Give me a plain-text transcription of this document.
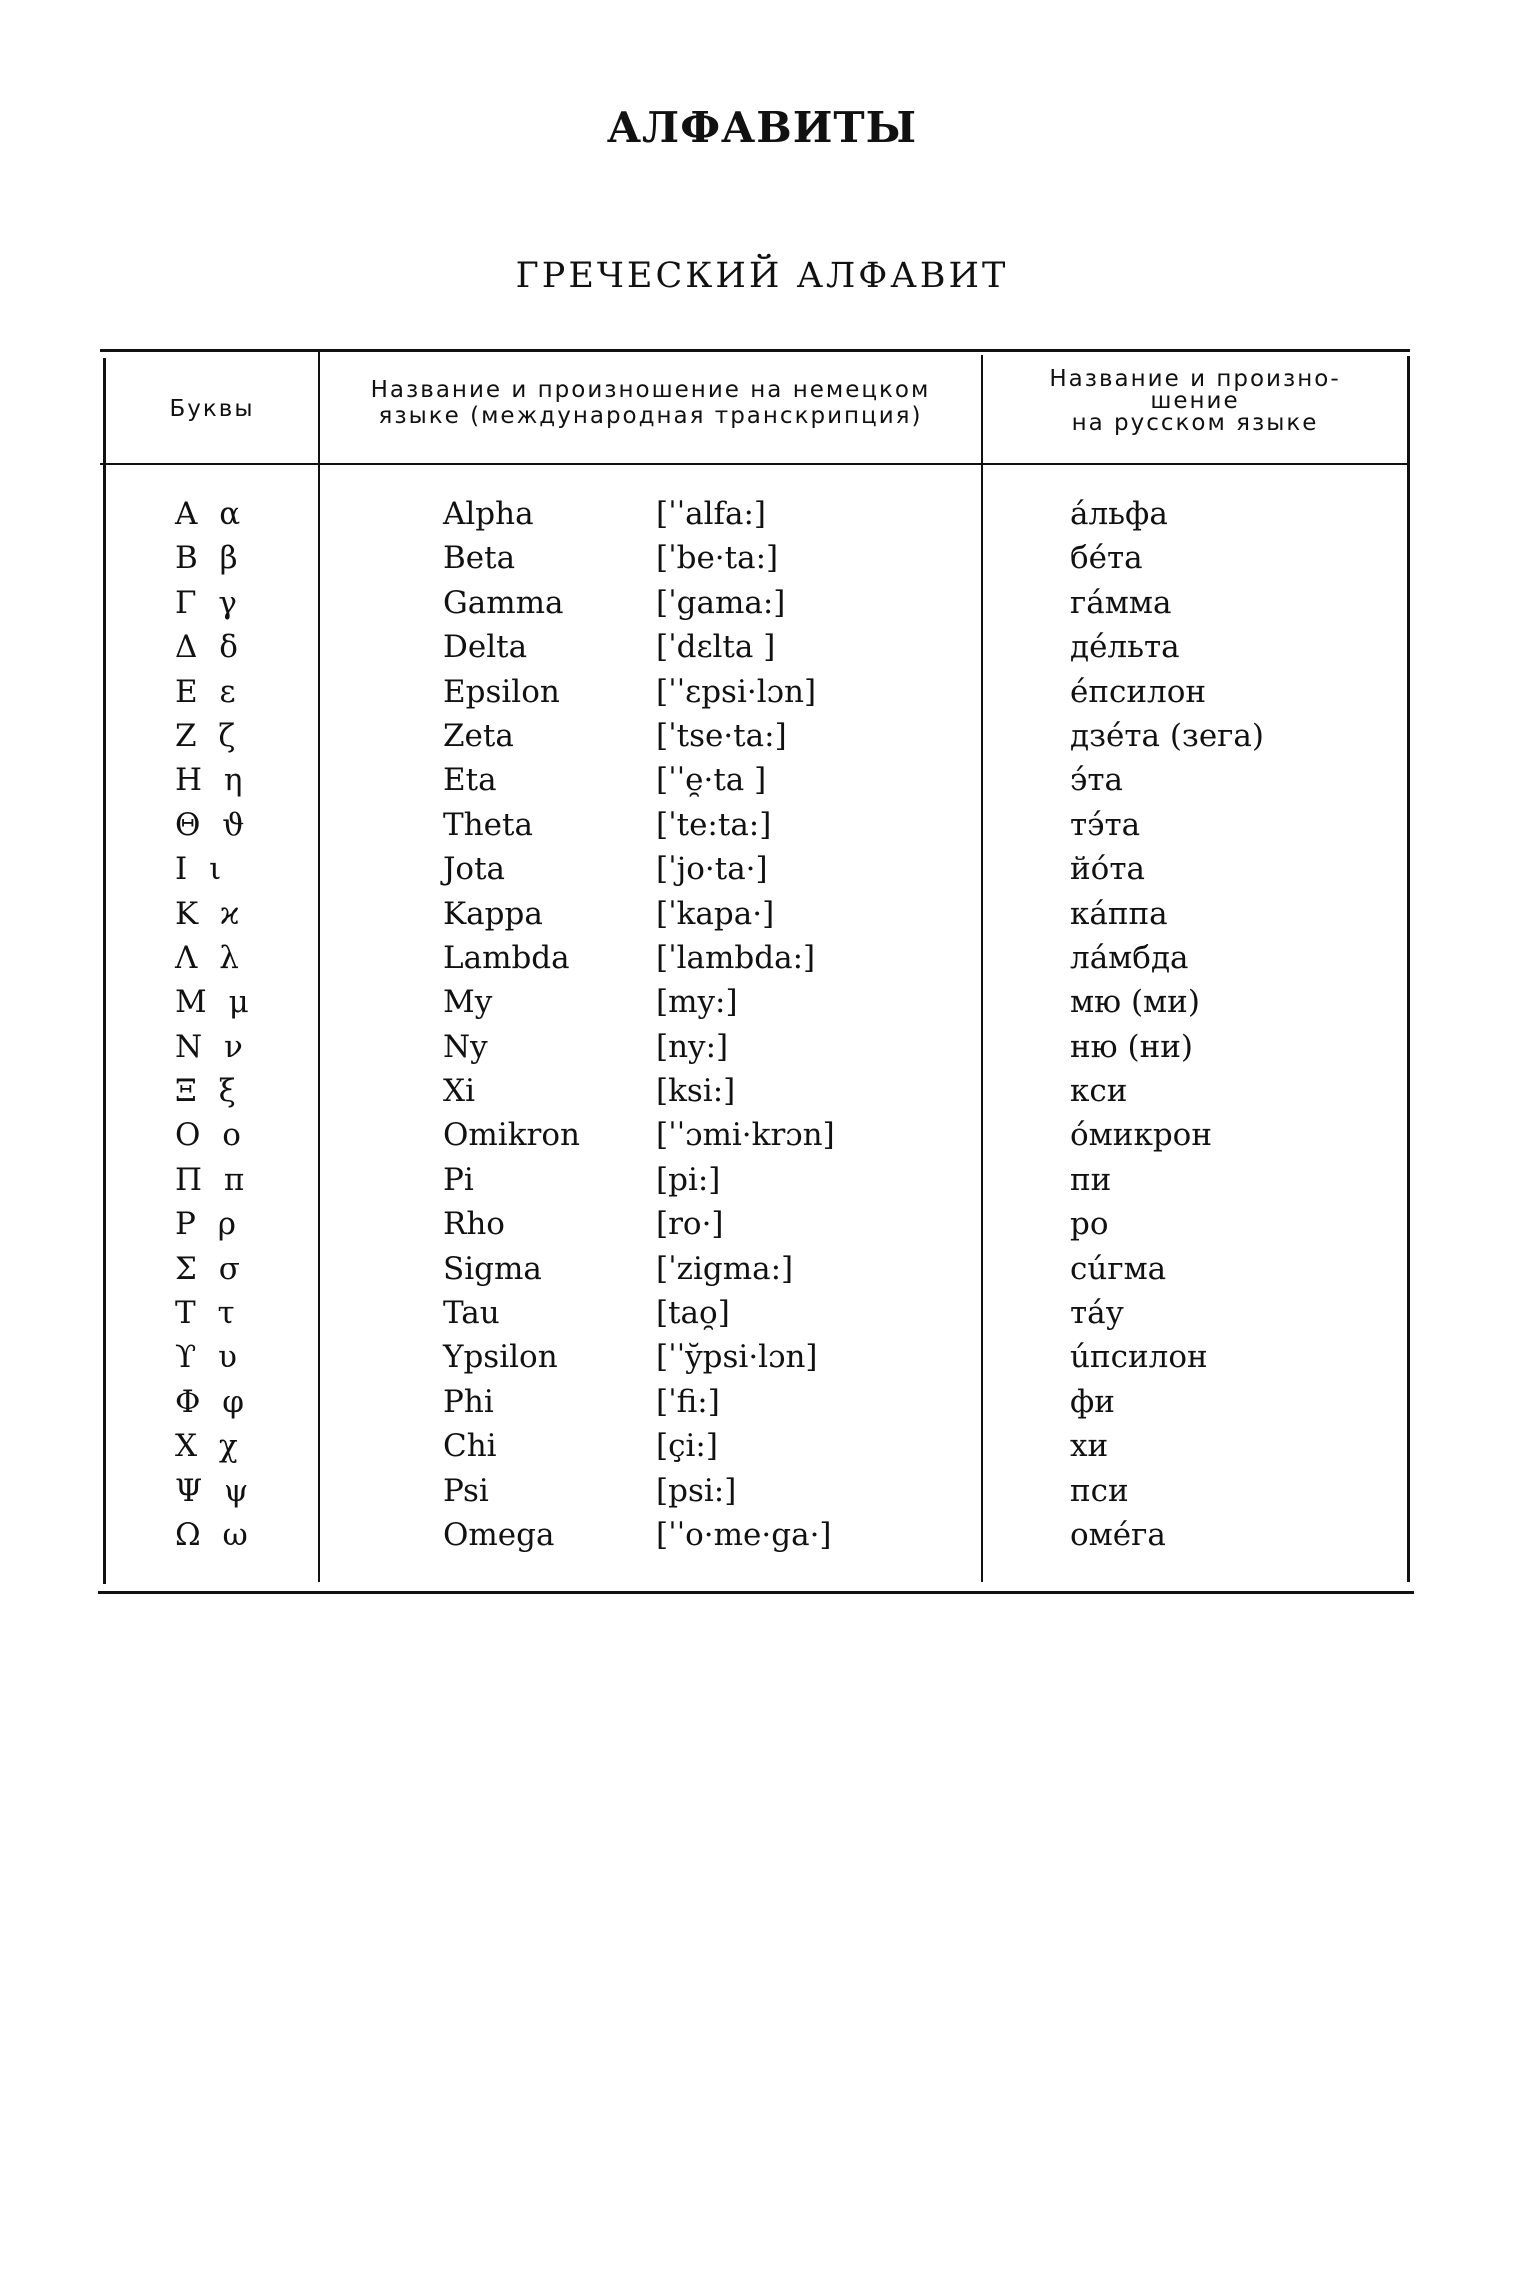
АЛФАВИТЫ
ГРЕЧЕСКИЙ АЛФАВИТ
Буквы
Название и произношение на немецком
языке (международная транскрипция)
Название и произно-
шение
на русском языке
Α α	Alpha	[ˈˈalfa:]	áльфа
Β β	Beta	[ˈbe·ta:]	бéта
Γ γ	Gamma	[ˈgama:]	гáмма
Δ δ	Delta	[ˈdɛlta ]	дéльта
Ε ε	Epsilon	[ˈˈɛpsi·lɔn]	éпсилон
Ζ ζ	Zeta	[ˈtse·ta:]	дзéта (зега)
Η η	Eta	[ˈˈe̯·ta ]	э́та
Θ ϑ	Theta	[ˈte:ta:]	тэ́та
Ι ι	Jota	[ˈjo·ta·]	йóта
Κ ϰ	Kappa	[ˈkapa·]	кáппа
Λ λ	Lambda	[ˈlambda:]	лáмбда
Μ μ	My	[my:]	мю (ми)
Ν ν	Ny	[ny:]	ню (ни)
Ξ ξ	Xi	[ksi:]	кси
Ο ο	Omikron [ˈˈɔmi·krɔn]	óмикрон
Π π	Pi	[pi:]	пи
Ρ ρ	Rho	[ro·]	ро
Σ σ	Sigma	[ˈzigma:]	сúгма
Τ τ	Tau	[tao̯]	тáу
ϒ υ	Ypsilon	[ˈˈy̆psi·lɔn]	úпсилон
Φ φ	Phi	[ˈfi:]	фи
Χ χ	Chi	[çi:]	хи
Ψ ψ	Psi	[psi:]	пси
Ω ω	Omega	[ˈˈo·me·ga·]	омéга
